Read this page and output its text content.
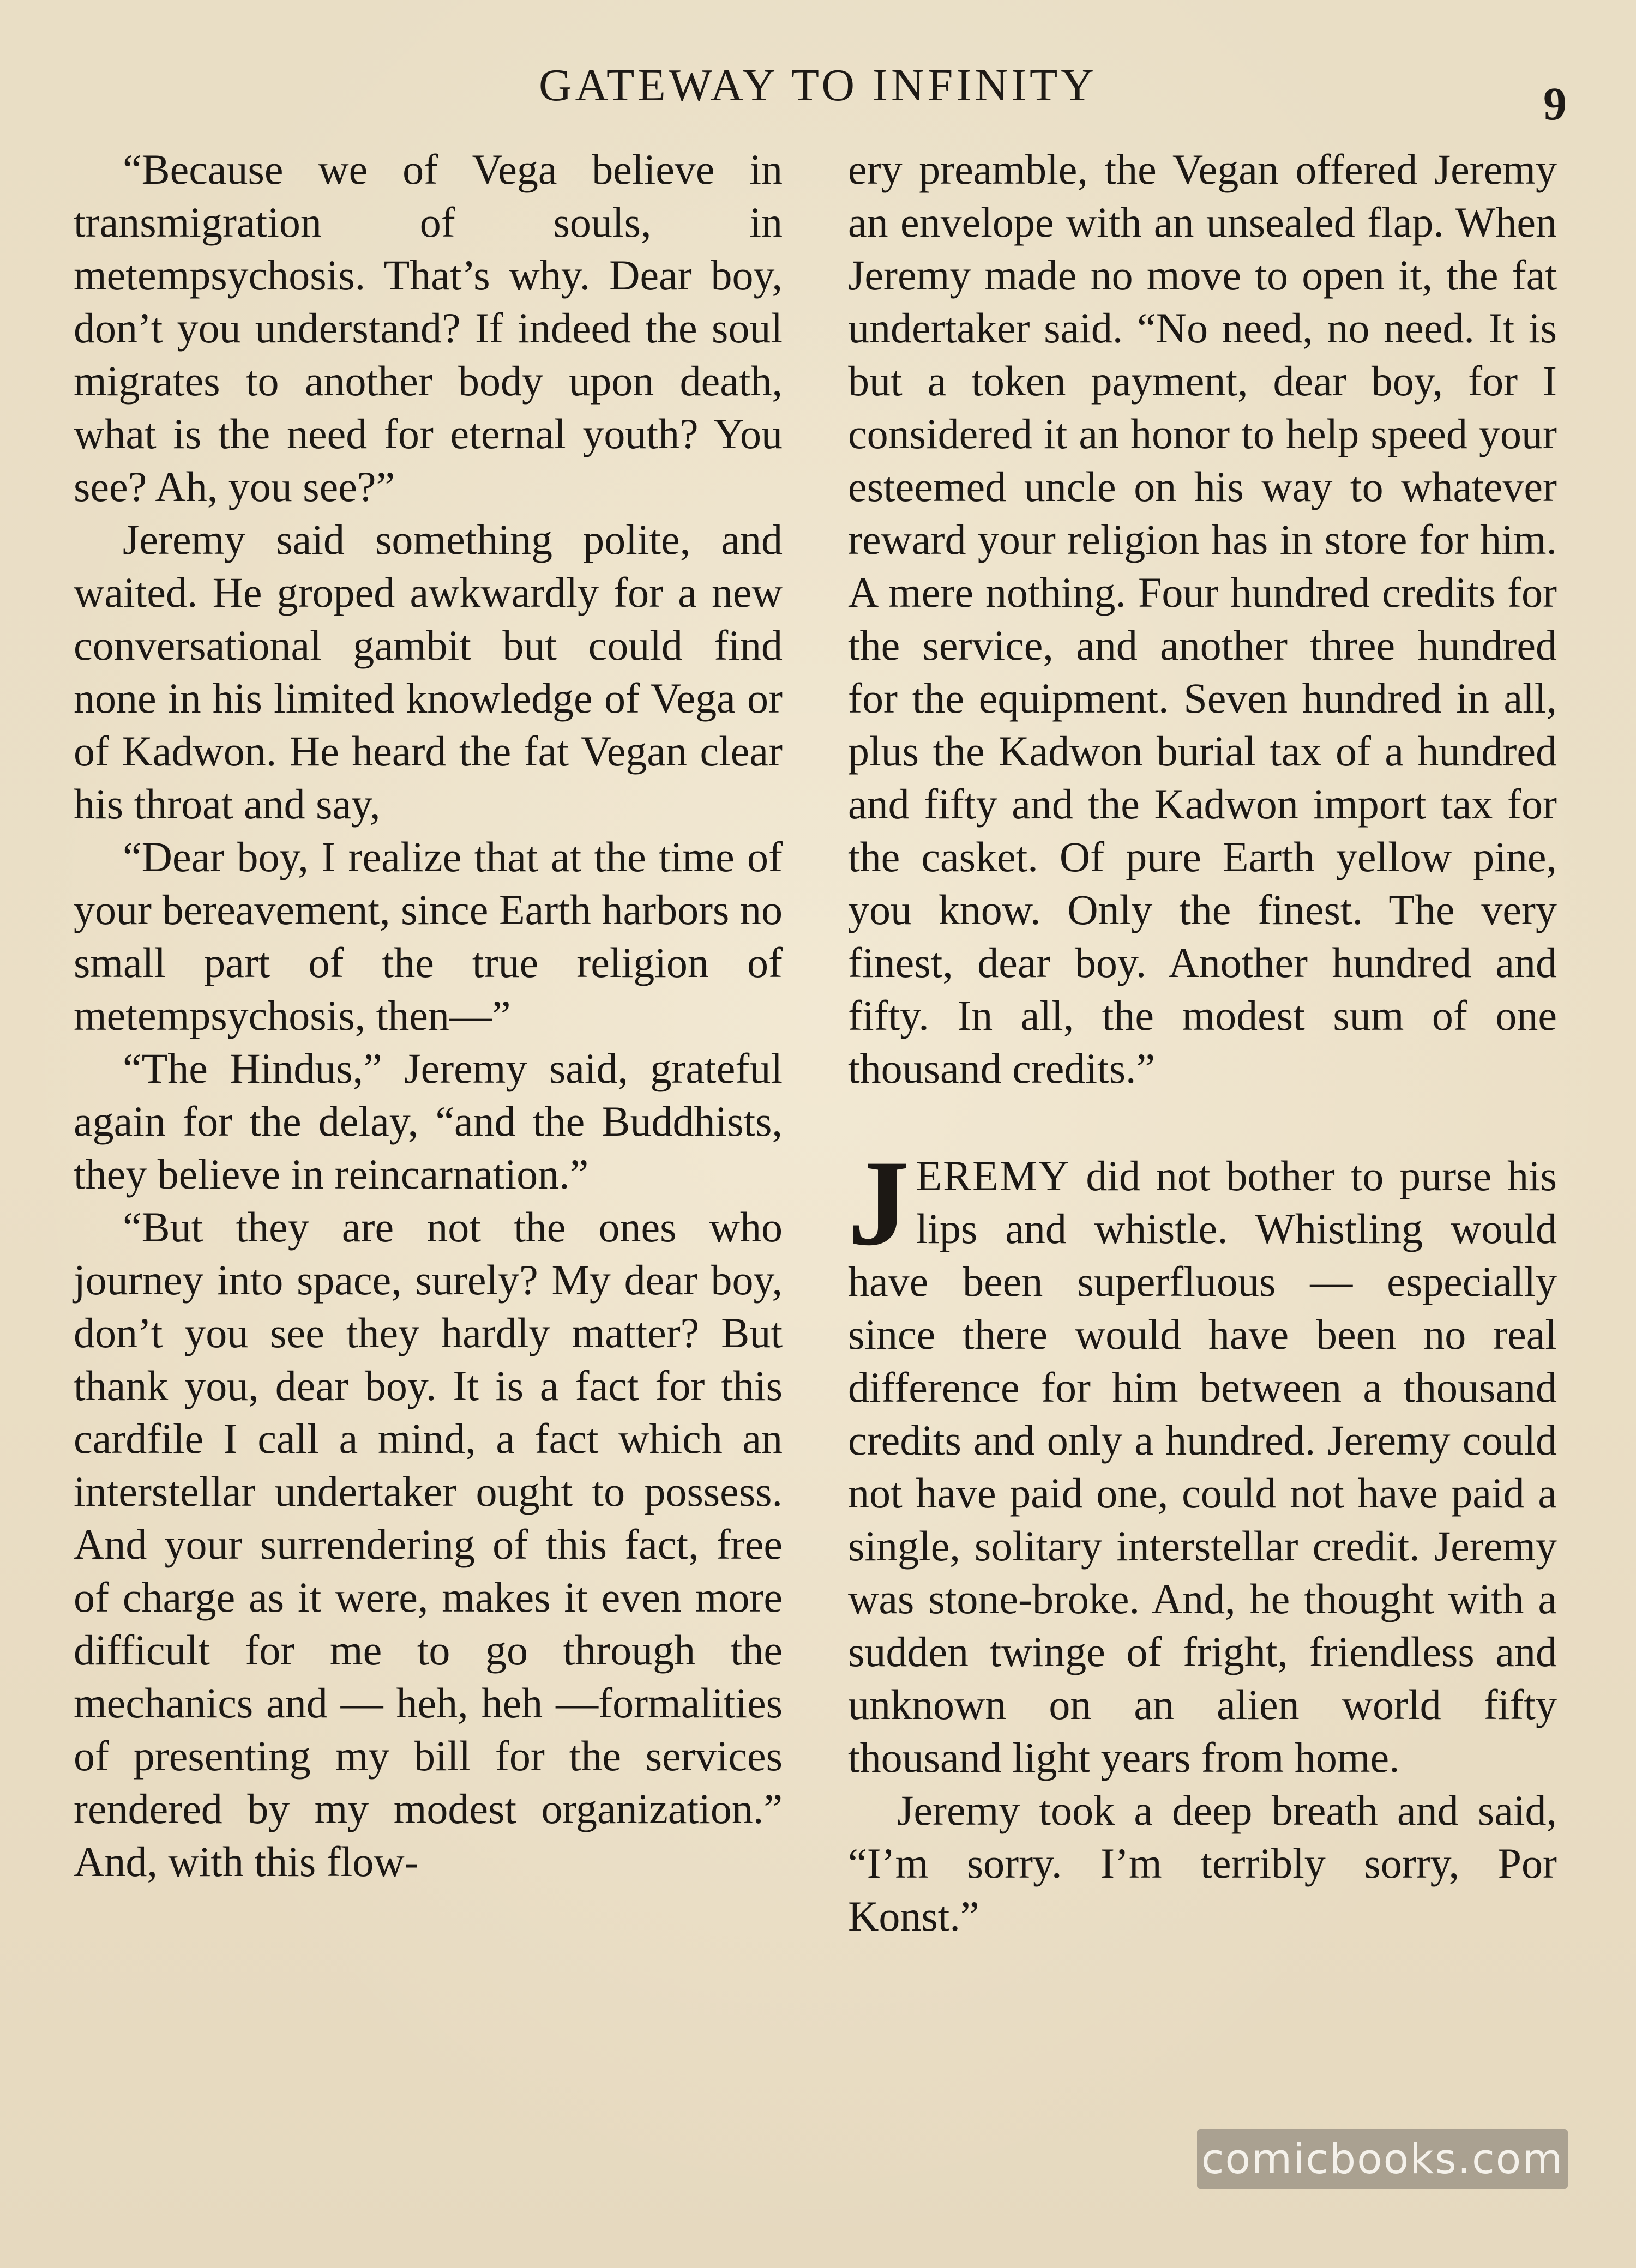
GATEWAY TO INFINITY	9

“Because we of Vega believe in transmigration of souls, in metempsychosis. That’s why. Dear boy, don’t you understand? If indeed the soul migrates to another body upon death, what is the need for eternal youth? You see? Ah, you see?”

Jeremy said something polite, and waited. He groped awkwardly for a new conversational gambit but could find none in his limited knowledge of Vega or of Kadwon. He heard the fat Vegan clear his throat and say,

“Dear boy, I realize that at the time of your bereavement, since Earth harbors no small part of the true religion of metempsychosis, then—”

“The Hindus,” Jeremy said, grateful again for the delay, “and the Buddhists, they believe in reincarnation.”

“But they are not the ones who journey into space, surely? My dear boy, don’t you see they hardly matter? But thank you, dear boy. It is a fact for this cardfile I call a mind, a fact which an interstellar undertaker ought to possess. And your surrendering of this fact, free of charge as it were, makes it even more difficult for me to go through the mechanics and — heh, heh —formalities of presenting my bill for the services rendered by my modest organization.” And, with this flow-

ery preamble, the Vegan offered Jeremy an envelope with an unsealed flap. When Jeremy made no move to open it, the fat undertaker said. “No need, no need. It is but a token payment, dear boy, for I considered it an honor to help speed your esteemed uncle on his way to whatever reward your religion has in store for him. A mere nothing. Four hundred credits for the service, and another three hundred for the equipment. Seven hundred in all, plus the Kadwon burial tax of a hundred and fifty and the Kadwon import tax for the casket. Of pure Earth yellow pine, you know. Only the finest. The very finest, dear boy. Another hundred and fifty. In all, the modest sum of one thousand credits.”

JEREMY did not bother to purse his lips and whistle. Whistling would have been superfluous — especially since there would have been no real difference for him between a thousand credits and only a hundred. Jeremy could not have paid one, could not have paid a single, solitary interstellar credit. Jeremy was stone-broke. And, he thought with a sudden twinge of fright, friendless and unknown on an alien world fifty thousand light years from home.

Jeremy took a deep breath and said, “I’m sorry. I’m terribly sorry, Por Konst.”

comicbooks.com
